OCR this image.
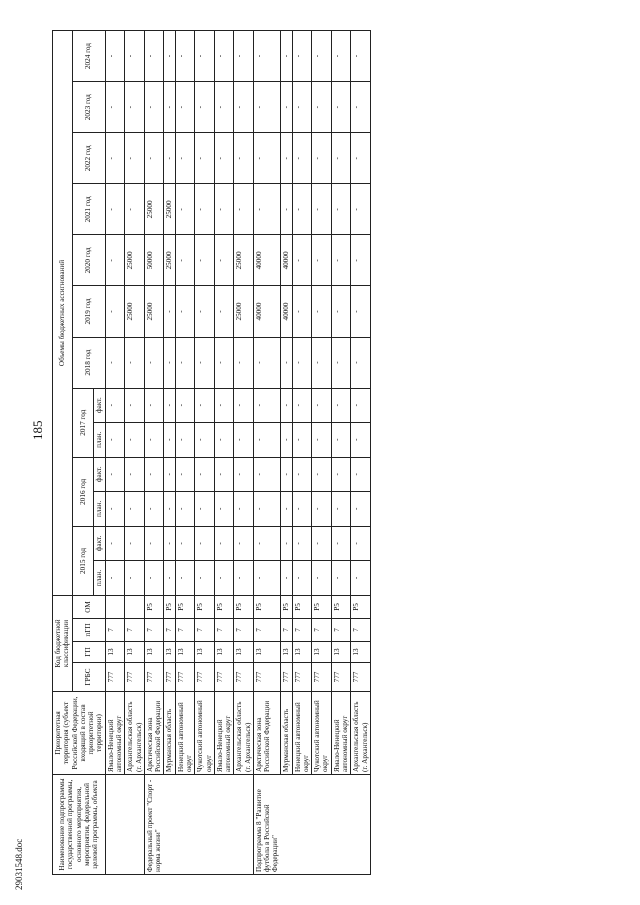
185
29031548.doc	Наименование подпрограммы государственной программы, основного мероприятия, мероприятия, федеральной целевой программы, объекта	Приоритетная территория (субъект Российской Федерации, входящий в состав приоритетной территории)	Код бюджетной классификации				Объемы бюджетных ассигнований												
		ГРБС	ГП	пГП	ОМ	2015 год		2016 год		2017 год		2018 год	2019 год	2020 год	2021 год	2022 год	2023 год	2024 год
						план.	факт.	план.	факт.	план.	факт.							
	Ямало-Ненецкий автономный округ	777	13	7		-	-	-	-	-	-	-	-	-	-	-	-	-
	Архангельская область (г. Архангельск)	777	13	7		-	-	-	-	-	-	-	25000	25000	-	-	-	-
Федеральный проект "Спорт - норма жизни"	Арктическая зона Российской Федерации	777	13	7	P5	-	-	-	-	-	-	-	25000	50000	25000	-	-	-
	Мурманская область	777	13	7	P5	-	-	-	-	-	-	-	-	25000	25000	-	-	-
	Ненецкий автономный округ	777	13	7	P5	-	-	-	-	-	-	-	-	-	-	-	-	-
	Чукотский автономный округ	777	13	7	P5	-	-	-	-	-	-	-	-	-	-	-	-	-
	Ямало-Ненецкий автономный округ	777	13	7	P5	-	-	-	-	-	-	-	-	-	-	-	-	-
	Архангельская область (г. Архангельск)	777	13	7	P5	-	-	-	-	-	-	-	25000	25000	-	-	-	-
Подпрограмма 8 "Развитие футбола в Российской Федерации"	Арктическая зона Российской Федерации	777	13	7	P5	-	-	-	-	-	-	-	40000	40000	-	-	-	-
	Мурманская область	777	13	7	P5	-	-	-	-	-	-	-	40000	40000	-	-	-	-
	Ненецкий автономный округ	777	13	7	P5	-	-	-	-	-	-	-	-	-	-	-	-	-
	Чукотский автономный округ	777	13	7	P5	-	-	-	-	-	-	-	-	-	-	-	-	-
	Ямало-Ненецкий автономный округ	777	13	7	P5	-	-	-	-	-	-	-	-	-	-	-	-	-
	Архангельская область (г. Архангельск)	777	13	7	P5	-	-	-	-	-	-	-	-	-	-	-	-	-
